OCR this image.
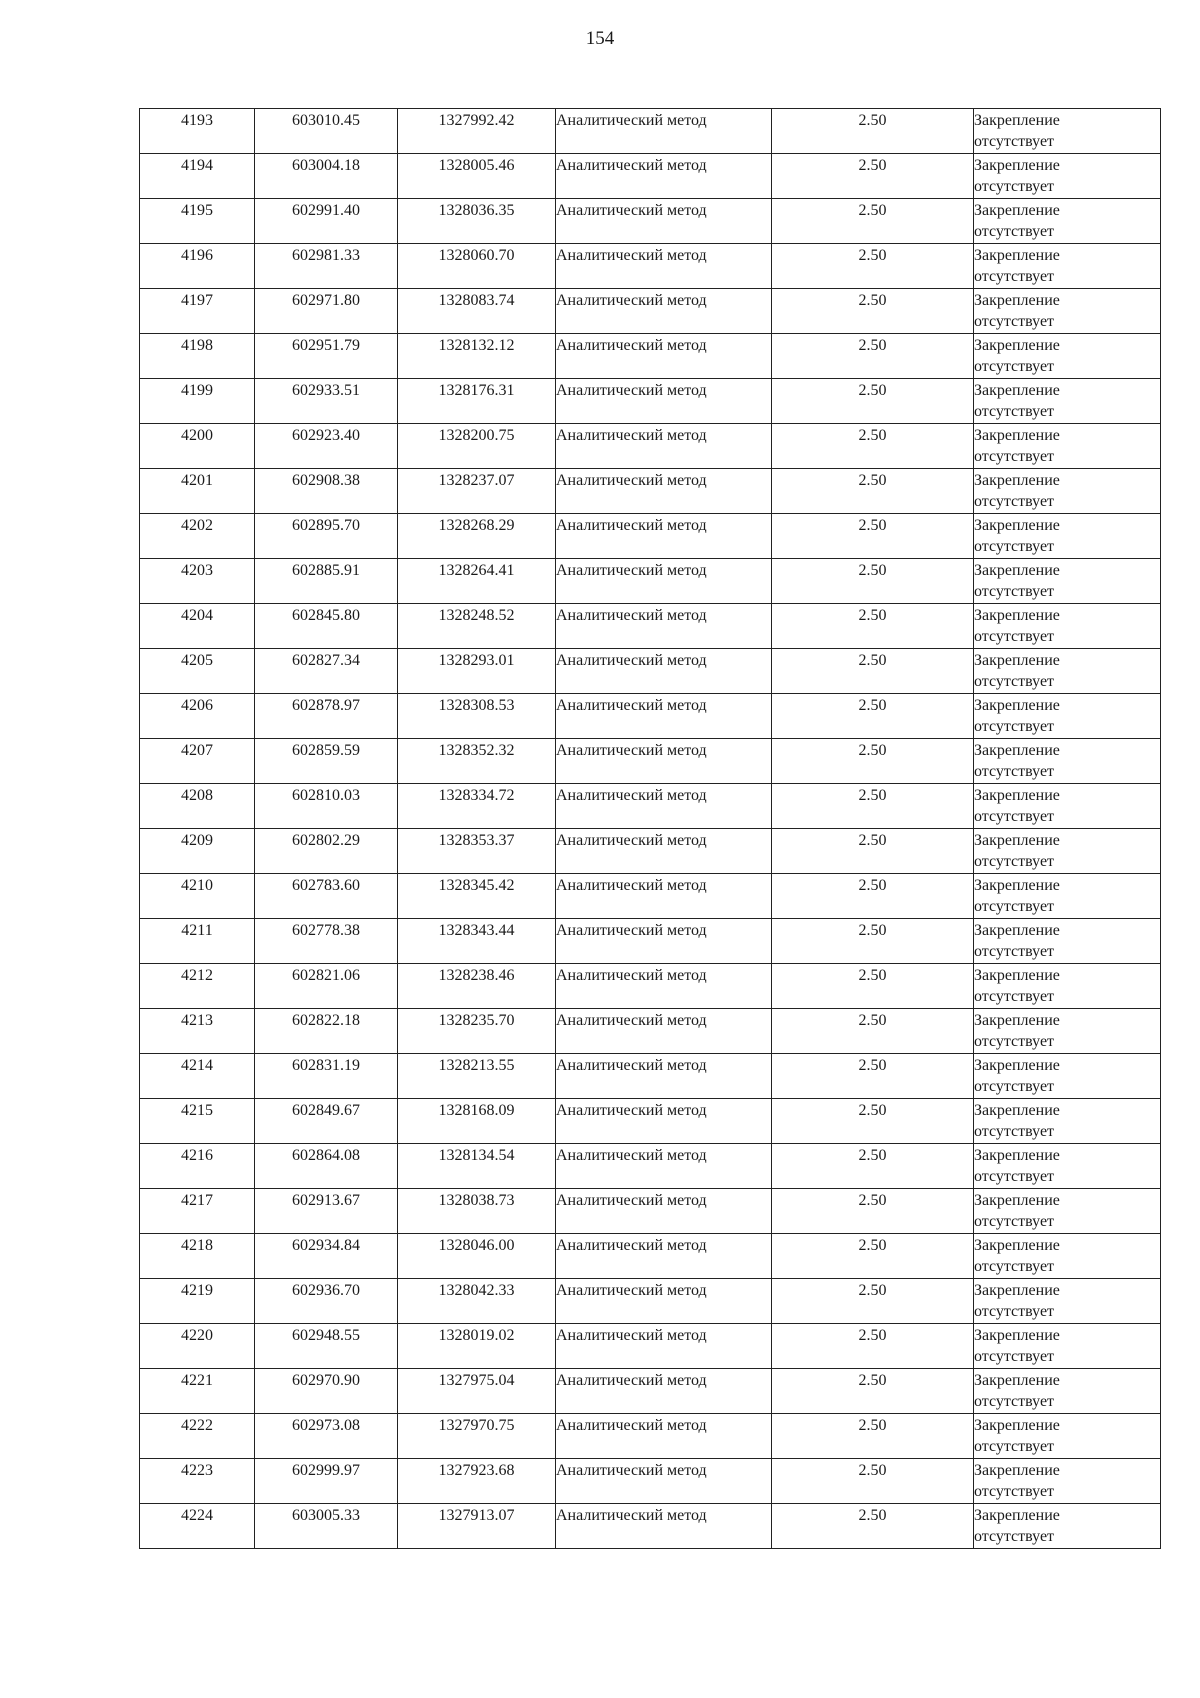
154
4193	603010.45	1327992.42	Аналитический метод	2.50	Закрепление
отсутствует

4194	603004.18	1328005.46	Аналитический метод	2.50	Закрепление
отсутствует

4195	602991.40	1328036.35	Аналитический метод	2.50	Закрепление
отсутствует

4196	602981.33	1328060.70	Аналитический метод	2.50	Закрепление
отсутствует

4197	602971.80	1328083.74	Аналитический метод	2.50	Закрепление
отсутствует

4198	602951.79	1328132.12	Аналитический метод	2.50	Закрепление
отсутствует

4199	602933.51	1328176.31	Аналитический метод	2.50	Закрепление
отсутствует

4200	602923.40	1328200.75	Аналитический метод	2.50	Закрепление
отсутствует

4201	602908.38	1328237.07	Аналитический метод	2.50	Закрепление
отсутствует

4202	602895.70	1328268.29	Аналитический метод	2.50	Закрепление
отсутствует

4203	602885.91	1328264.41	Аналитический метод	2.50	Закрепление
отсутствует

4204	602845.80	1328248.52	Аналитический метод	2.50	Закрепление
отсутствует

4205	602827.34	1328293.01	Аналитический метод	2.50	Закрепление
отсутствует

4206	602878.97	1328308.53	Аналитический метод	2.50	Закрепление
отсутствует

4207	602859.59	1328352.32	Аналитический метод	2.50	Закрепление
отсутствует

4208	602810.03	1328334.72	Аналитический метод	2.50	Закрепление
отсутствует

4209	602802.29	1328353.37	Аналитический метод	2.50	Закрепление
отсутствует

4210	602783.60	1328345.42	Аналитический метод	2.50	Закрепление
отсутствует

4211	602778.38	1328343.44	Аналитический метод	2.50	Закрепление
отсутствует

4212	602821.06	1328238.46	Аналитический метод	2.50	Закрепление
отсутствует

4213	602822.18	1328235.70	Аналитический метод	2.50	Закрепление
отсутствует

4214	602831.19	1328213.55	Аналитический метод	2.50	Закрепление
отсутствует

4215	602849.67	1328168.09	Аналитический метод	2.50	Закрепление
отсутствует

4216	602864.08	1328134.54	Аналитический метод	2.50	Закрепление
отсутствует

4217	602913.67	1328038.73	Аналитический метод	2.50	Закрепление
отсутствует

4218	602934.84	1328046.00	Аналитический метод	2.50	Закрепление
отсутствует

4219	602936.70	1328042.33	Аналитический метод	2.50	Закрепление
отсутствует

4220	602948.55	1328019.02	Аналитический метод	2.50	Закрепление
отсутствует

4221	602970.90	1327975.04	Аналитический метод	2.50	Закрепление
отсутствует

4222	602973.08	1327970.75	Аналитический метод	2.50	Закрепление
отсутствует

4223	602999.97	1327923.68	Аналитический метод	2.50	Закрепление
отсутствует

4224	603005.33	1327913.07	Аналитический метод	2.50	Закрепление
отсутствует
